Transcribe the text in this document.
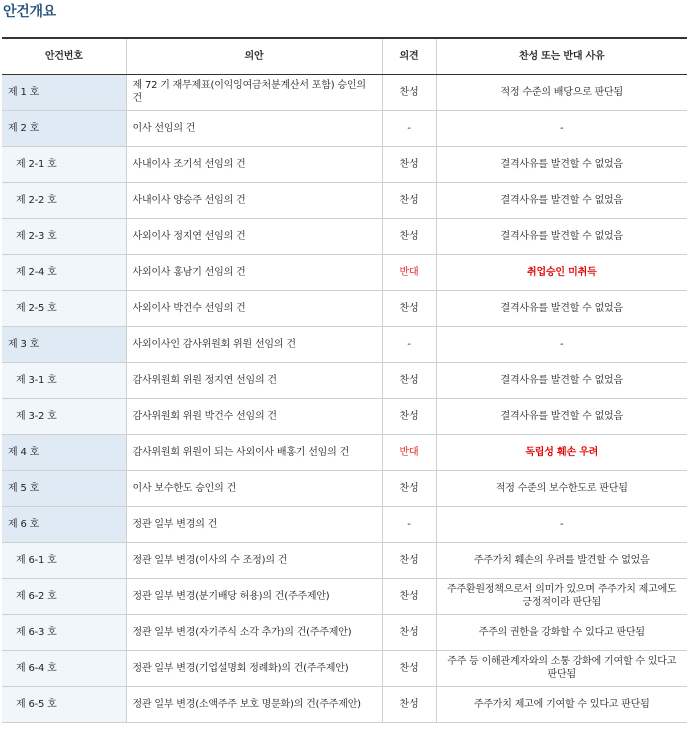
안건개요
안건번호	의안	의견	찬성 또는 반대 사유
제 1 호	제 72 기 재무제표(이익잉여금처분계산서 포함) 승인의 건	찬성	적정 수준의 배당으로 판단됨
제 2 호	이사 선임의 건	-	-
제 2-1 호	사내이사 조기석 선임의 건	찬성	결격사유를 발견할 수 없었음
제 2-2 호	사내이사 양승주 선임의 건	찬성	결격사유를 발견할 수 없었음
제 2-3 호	사외이사 정지연 선임의 건	찬성	결격사유를 발견할 수 없었음
제 2-4 호	사외이사 홍남기 선임의 건	반대	취업승인 미취득
제 2-5 호	사외이사 박건수 선임의 건	찬성	결격사유를 발견할 수 없었음
제 3 호	사외이사인 감사위원회 위원 선임의 건	-	-
제 3-1 호	감사위원회 위원 정지연 선임의 건	찬성	결격사유를 발견할 수 없었음
제 3-2 호	감사위원회 위원 박건수 선임의 건	찬성	결격사유를 발견할 수 없었음
제 4 호	감사위원회 위원이 되는 사외이사 배홍기 선임의 건	반대	독립성 훼손 우려
제 5 호	이사 보수한도 승인의 건	찬성	적정 수준의 보수한도로 판단됨
제 6 호	정관 일부 변경의 건	-	-
제 6-1 호	정관 일부 변경(이사의 수 조정)의 건	찬성	주주가치 훼손의 우려를 발견할 수 없었음
제 6-2 호	정관 일부 변경(분기배당 허용)의 건(주주제안)	찬성	주주환원정책으로서 의미가 있으며 주주가치 제고에도 긍정적이라 판단됨
제 6-3 호	정관 일부 변경(자기주식 소각 추가)의 건(주주제안)	찬성	주주의 권한을 강화할 수 있다고 판단됨
제 6-4 호	정관 일부 변경(기업설명회 정례화)의 건(주주제안)	찬성	주주 등 이해관계자와의 소통 강화에 기여할 수 있다고 판단됨
제 6-5 호	정관 일부 변경(소액주주 보호 명문화)의 건(주주제안)	찬성	주주가치 제고에 기여할 수 있다고 판단됨
